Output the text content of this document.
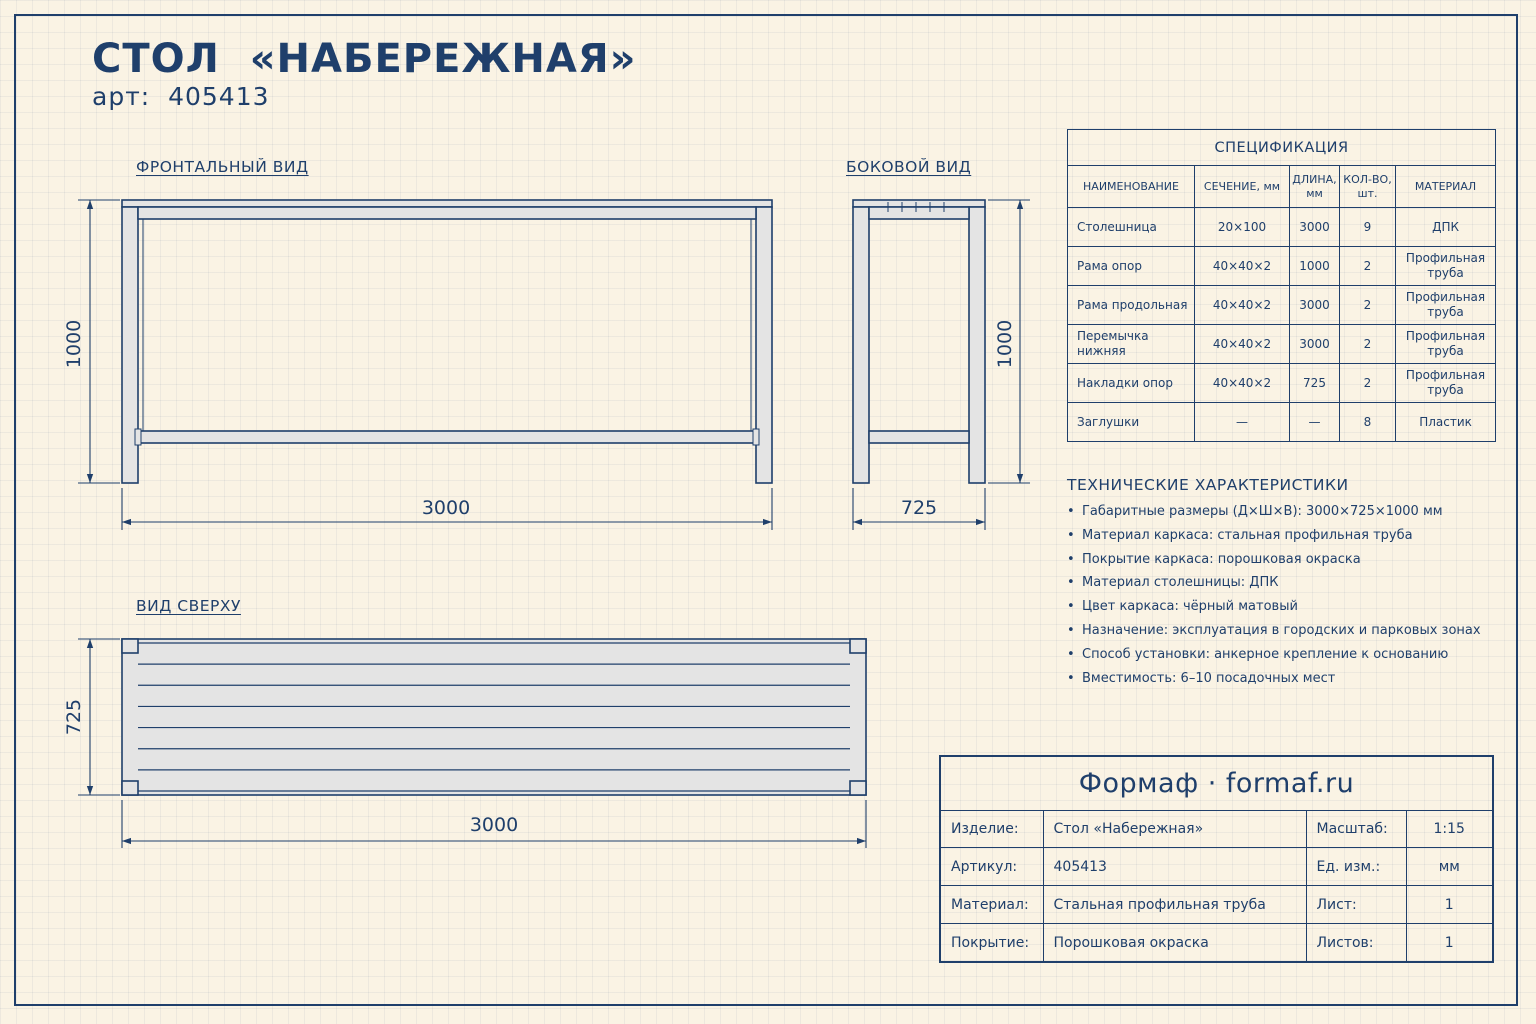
СТОЛ  «НАБЕРЕЖНАЯ»
арт:  405413
ФРОНТАЛЬНЫЙ ВИД	БОКОВОЙ ВИД
ВИД СВЕРХУ
1000
3000
1000
725
725
3000
СПЕЦИФИКАЦИЯ				
НАИМЕНОВАНИЕ	СЕЧЕНИЕ, мм	ДЛИНА, мм	КОЛ-ВО, шт.	МАТЕРИАЛ
Столешница	20×100	3000	9	ДПК
Рама опор	40×40×2	1000	2	Профильная труба
Рама продольная	40×40×2	3000	2	Профильная труба
Перемычка нижняя	40×40×2	3000	2	Профильная труба
Накладки опор	40×40×2	725	2	Профильная труба
Заглушки	—	—	8	Пластик
ТЕХНИЧЕСКИЕ ХАРАКТЕРИСТИКИ
• Габаритные размеры (Д×Ш×В): 3000×725×1000 мм
• Материал каркаса: стальная профильная труба
• Покрытие каркаса: порошковая окраска
• Материал столешницы: ДПК
• Цвет каркаса: чёрный матовый
• Назначение: эксплуатация в городских и парковых зонах
• Способ установки: анкерное крепление к основанию
• Вместимость: 6–10 посадочных мест
Формаф · formaf.ru
Изделие:	Стол «Набережная»	Масштаб:	1:15
Артикул:	405413	Ед. изм.:	мм
Материал:	Стальная профильная труба	Лист:	1
Покрытие:	Порошковая окраска	Листов:	1
